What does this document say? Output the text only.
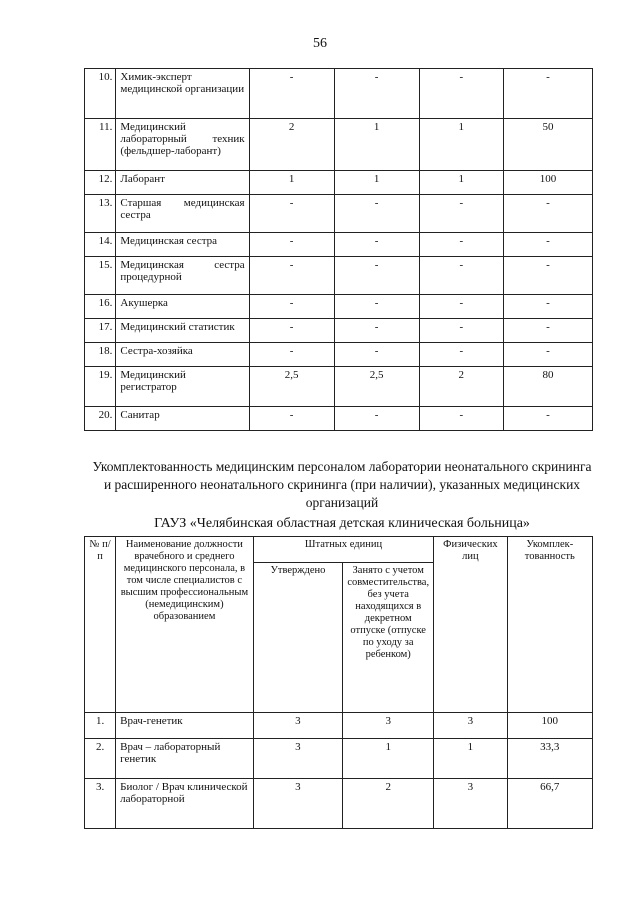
56
10.	Химик-эксперт медицинской организации	-	-	-	-
11.	Медицинский лабораторный техник (фельдшер-лаборант)	2	1	1	50
12.	Лаборант	1	1	1	100
13.	Старшая медицинская сестра	-	-	-	-
14.	Медицинская сестра	-	-	-	-
15.	Медицинская сестра процедурной	-	-	-	-
16.	Акушерка	-	-	-	-
17.	Медицинский статистик	-	-	-	-
18.	Сестра-хозяйка	-	-	-	-
19.	Медицинский регистратор	2,5	2,5	2	80
20.	Санитар	-	-	-	-
Укомплектованность медицинским персоналом лаборатории неонатального скрининга и расширенного неонатального скрининга (при наличии), указанных медицинских организаций
ГАУЗ «Челябинская областная детская клиническая больница»
№ п/п	Наименование должности врачебного и среднего медицинского персонала, в том числе специалистов с высшим профессиональным (немедицинским) образованием	Штатных единиц		Физических лиц	Укомплек-тованность
		Утверждено	Занято с учетом совместительства, без учета находящихся в декретном отпуске (отпуске по уходу за ребенком)		
1.	Врач-генетик	3	3	3	100
2.	Врач – лабораторный генетик	3	1	1	33,3
3.	Биолог / Врач клинической лабораторной	3	2	3	66,7
